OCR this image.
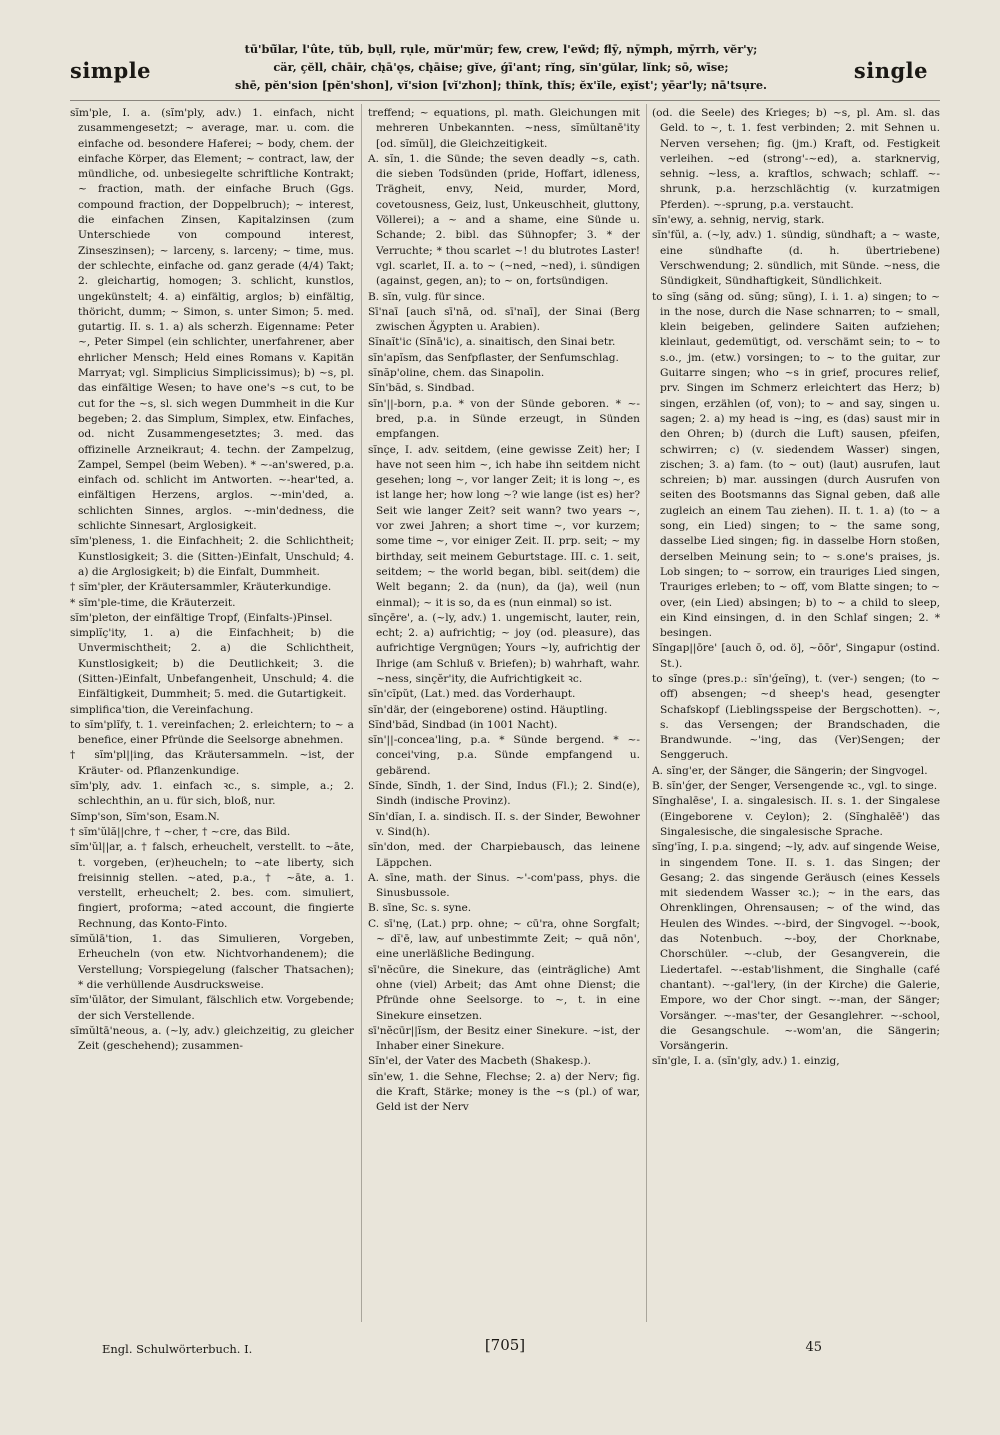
simple
tū'bū̆lar, l'ûte, tŭb, bụll, rụle, mŭr'mŭr; few, crew, l'ew̃d; flȳ, nȳmph, mȳrrh, vĕr'y;
cär, çĕll, chāir, ch̨ā'ǫs, ch̨āise; gĭve, ǵī'ant; rĭng, sĭn'gŭlar, lĭnk; sō, wīse;
shē, pĕn'sion [pĕn'shon], vĭ'sion [vĭ'zhon]; thĭnk, thĭs; ĕx'ĭle, ex̧ĭst'; yēar'ly; nā'tsụre.
single
sĭm'ple, I. a. (sĭm'ply, adv.) 1. einfach, nicht zusammengesetzt; ~ average, mar. u. com. die einfache od. besondere Haferei; ~ body, chem. der einfache Körper, das Element; ~ contract, law, der mündliche, od. unbesiegelte schriftliche Kontrakt; ~ fraction, math. der einfache Bruch (Ggs. compound fraction, der Doppelbruch); ~ interest, die einfachen Zinsen, Kapitalzinsen (zum Unterschiede von compound interest, Zinseszinsen); ~ larceny, s. larceny; ~ time, mus. der schlechte, einfache od. ganz gerade (4/4) Takt; 2. gleichartig, homogen; 3. schlicht, kunstlos, ungekünstelt; 4. a) einfältig, arglos; b) einfältig, thöricht, dumm; ~ Simon, s. unter Simon; 5. med. gutartig. II. s. 1. a) als scherzh. Eigenname: Peter ~, Peter Simpel (ein schlichter, unerfahrener, aber ehrlicher Mensch; Held eines Romans v. Kapitän Marryat; vgl. Simplicius Simplicissimus); b) ~s, pl. das einfältige Wesen; to have one's ~s cut, to be cut for the ~s, sl. sich wegen Dummheit in die Kur begeben; 2. das Simplum, Simplex, etw. Einfaches, od. nicht Zusammengesetztes; 3. med. das offizinelle Arzneikraut; 4. techn. der Zampelzug, Zampel, Sempel (beim Weben). * ~-an'swered, p.a. einfach od. schlicht im Antworten. ~-hear'ted, a. einfältigen Herzens, arglos. ~-min'ded, a. schlichten Sinnes, arglos. ~-min'dedness, die schlichte Sinnesart, Arglosigkeit.
sĭm'pleness, 1. die Einfachheit; 2. die Schlichtheit; Kunstlosigkeit; 3. die (Sitten-)Einfalt, Unschuld; 4. a) die Arglosigkeit; b) die Einfalt, Dummheit.
† sĭm'pler, der Kräutersammler, Kräuterkundige.
* sĭm'ple-time, die Kräuterzeit.
sĭm'pleton, der einfältige Tropf, (Einfalts-)Pinsel.
simplĭç'ity, 1. a) die Einfachheit; b) die Unvermischtheit; 2. a) die Schlichtheit, Kunstlosigkeit; b) die Deutlichkeit; 3. die (Sitten-)Einfalt, Unbefangenheit, Unschuld; 4. die Einfältigkeit, Dummheit; 5. med. die Gutartigkeit.
simplifica'tion, die Vereinfachung.
to sĭm'plĭfy, t. 1. vereinfachen; 2. erleichtern; to ~ a benefice, einer Pfründe die Seelsorge abnehmen.
† sĭm'pl||ing, das Kräutersammeln. ~ist, der Kräuter- od. Pflanzenkundige.
sĭm'ply, adv. 1. einfach ꝛc., s. simple, a.; 2. schlechthin, an u. für sich, bloß, nur.
Sĭmp'son, Sĭm'son, Esam.N.
† sĭm'ŭlă||chre, † ~cher, † ~cre, das Bild.
sĭm'ŭl||ar, a. † falsch, erheuchelt, verstellt. to ~āte, t. vorgeben, (er)heucheln; to ~ate liberty, sich freisinnig stellen. ~ated, p.a., † ~āte, a. 1. verstellt, erheuchelt; 2. bes. com. simuliert, fingiert, proforma; ~ated account, die fingierte Rechnung, das Konto-Finto.
sĭmŭlā'tion, 1. das Simulieren, Vorgeben, Erheucheln (von etw. Nichtvorhandenem); die Verstellung; Vorspiegelung (falscher Thatsachen); * die verhüllende Ausdrucksweise.
sĭm'ŭlātor, der Simulant, fälschlich etw. Vorgebende; der sich Verstellende.
sĭmŭltā'neous, a. (~ly, adv.) gleichzeitig, zu gleicher Zeit (geschehend); zusammen-
treffend; ~ equations, pl. math. Gleichungen mit mehreren Unbekannten. ~ness, sĭmŭltanē'ity [od. sĭmŭl], die Gleichzeitigkeit.
A. sĭn, 1. die Sünde; the seven deadly ~s, cath. die sieben Todsünden (pride, Hoffart, idleness, Trägheit, envy, Neid, murder, Mord, covetousness, Geiz, lust, Unkeuschheit, gluttony, Völlerei); a ~ and a shame, eine Sünde u. Schande; 2. bibl. das Sühnopfer; 3. * der Verruchte; * thou scarlet ~! du blutrotes Laster! vgl. scarlet, II. a. to ~ (~ned, ~ned), i. sündigen (against, gegen, an); to ~ on, fortsündigen.
B. sĭn, vulg. für since.
Sī'naī [auch sī'nā, od. sī'naī], der Sinai (Berg zwischen Ägypten u. Arabien).
Sĭnaĭt'ic (Sĭnā'ic), a. sinaitisch, den Sinai betr.
sĭn'apĭsm, das Senfpflaster, der Senfumschlag.
sĭnăp'oline, chem. das Sinapolin.
Sĭn'băd, s. Sindbad.
sĭn'||-born, p.a. * von der Sünde geboren. * ~-bred, p.a. in Sünde erzeugt, in Sünden empfangen.
sĭnçe, I. adv. seitdem, (eine gewisse Zeit) her; I have not seen him ~, ich habe ihn seitdem nicht gesehen; long ~, vor langer Zeit; it is long ~, es ist lange her; how long ~? wie lange (ist es) her? Seit wie langer Zeit? seit wann? two years ~, vor zwei Jahren; a short time ~, vor kurzem; some time ~, vor einiger Zeit. II. prp. seit; ~ my birthday, seit meinem Geburtstage. III. c. 1. seit, seitdem; ~ the world began, bibl. seit(dem) die Welt begann; 2. da (nun), da (ja), weil (nun einmal); ~ it is so, da es (nun einmal) so ist.
sĭnçēre', a. (~ly, adv.) 1. ungemischt, lauter, rein, echt; 2. a) aufrichtig; ~ joy (od. pleasure), das aufrichtige Vergnügen; Yours ~ly, aufrichtig der Ihrige (am Schluß v. Briefen); b) wahrhaft, wahr. ~ness, sinçĕr'ity, die Aufrichtigkeit ꝛc.
sĭn'cĭpŭt, (Lat.) med. das Vorderhaupt.
sĭn'där, der (eingeborene) ostind. Häuptling.
Sĭnd'băd, Sindbad (in 1001 Nacht).
sĭn'||-concea'ling, p.a. * Sünde bergend. * ~-concei'ving, p.a. Sünde empfangend u. gebärend.
Sĭnde, Sĭndh, 1. der Sind, Indus (Fl.); 2. Sind(e), Sindh (indische Provinz).
Sĭn'dĭan, I. a. sindisch. II. s. der Sinder, Bewohner v. Sind(h).
sĭn'don, med. der Charpiebausch, das leinene Läppchen.
A. sīne, math. der Sinus. ~'-com'pass, phys. die Sinusbussole.
B. sīne, Sc. s. syne.
C. sī'nę, (Lat.) prp. ohne; ~ cū'ra, ohne Sorgfalt; ~ dĭ'ē, law, auf unbestimmte Zeit; ~ quā nōn', eine unerläßliche Bedingung.
sī'nĕcūre, die Sinekure, das (einträgliche) Amt ohne (viel) Arbeit; das Amt ohne Dienst; die Pfründe ohne Seelsorge. to ~, t. in eine Sinekure einsetzen.
sī'nĕcūr||ĭsm, der Besitz einer Sinekure. ~ist, der Inhaber einer Sinekure.
Sĭn'el, der Vater des Macbeth (Shakesp.).
sĭn'ew, 1. die Sehne, Flechse; 2. a) der Nerv; fig. die Kraft, Stärke; money is the ~s (pl.) of war, Geld ist der Nerv
(od. die Seele) des Krieges; b) ~s, pl. Am. sl. das Geld. to ~, t. 1. fest verbinden; 2. mit Sehnen u. Nerven versehen; fig. (jm.) Kraft, od. Festigkeit verleihen. ~ed (strong'-~ed), a. starknervig, sehnig. ~less, a. kraftlos, schwach; schlaff. ~-shrunk, p.a. herzschlächtig (v. kurzatmigen Pferden). ~-sprung, p.a. verstaucht.
sĭn'ewy, a. sehnig, nervig, stark.
sĭn'fŭl, a. (~ly, adv.) 1. sündig, sündhaft; a ~ waste, eine sündhafte (d. h. übertriebene) Verschwendung; 2. sündlich, mit Sünde. ~ness, die Sündigkeit, Sündhaftigkeit, Sündlichkeit.
to sĭng (săng od. sŭng; sŭng), I. i. 1. a) singen; to ~ in the nose, durch die Nase schnarren; to ~ small, klein beigeben, gelindere Saiten aufziehen; kleinlaut, gedemütigt, od. verschämt sein; to ~ to s.o., jm. (etw.) vorsingen; to ~ to the guitar, zur Guitarre singen; who ~s in grief, procures relief, prv. Singen im Schmerz erleichtert das Herz; b) singen, erzählen (of, von); to ~ and say, singen u. sagen; 2. a) my head is ~ing, es (das) saust mir in den Ohren; b) (durch die Luft) sausen, pfeifen, schwirren; c) (v. siedendem Wasser) singen, zischen; 3. a) fam. (to ~ out) (laut) ausrufen, laut schreien; b) mar. aussingen (durch Ausrufen von seiten des Bootsmanns das Signal geben, daß alle zugleich an einem Tau ziehen). II. t. 1. a) (to ~ a song, ein Lied) singen; to ~ the same song, dasselbe Lied singen; fig. in dasselbe Horn stoßen, derselben Meinung sein; to ~ s.one's praises, js. Lob singen; to ~ sorrow, ein trauriges Lied singen, Trauriges erleben; to ~ off, vom Blatte singen; to ~ over, (ein Lied) absingen; b) to ~ a child to sleep, ein Kind einsingen, d. in den Schlaf singen; 2. * besingen.
Sĭngap||ōre' [auch ō, od. ö], ~ōōr', Singapur (ostind. St.).
to sĭnge (pres.p.: sĭn'ǵeĭng), t. (ver-) sengen; (to ~ off) absengen; ~d sheep's head, gesengter Schafskopf (Lieblingsspeise der Bergschotten). ~, s. das Versengen; der Brandschaden, die Brandwunde. ~'ing, das (Ver)Sengen; der Senggeruch.
A. sĭng'er, der Sänger, die Sängerin; der Singvogel.
B. sĭn'ǵer, der Senger, Versengende ꝛc., vgl. to singe.
Sĭnghalēse', I. a. singalesisch. II. s. 1. der Singalese (Eingeborene v. Ceylon); 2. (Sĭnghalēē') das Singalesische, die singalesische Sprache.
sĭng'ĭng, I. p.a. singend; ~ly, adv. auf singende Weise, in singendem Tone. II. s. 1. das Singen; der Gesang; 2. das singende Geräusch (eines Kessels mit siedendem Wasser ꝛc.); ~ in the ears, das Ohrenklingen, Ohrensausen; ~ of the wind, das Heulen des Windes. ~-bird, der Singvogel. ~-book, das Notenbuch. ~-boy, der Chorknabe, Chorschüler. ~-club, der Gesangverein, die Liedertafel. ~-estab'lishment, die Singhalle (café chantant). ~-gal'lery, (in der Kirche) die Galerie, Empore, wo der Chor singt. ~-man, der Sänger; Vorsänger. ~-mas'ter, der Gesanglehrer. ~-school, die Gesangschule. ~-wom'an, die Sängerin; Vorsängerin.
sĭn'gle, I. a. (sĭn'gly, adv.) 1. einzig,
Engl. Schulwörterbuch. I.	[705]	45
